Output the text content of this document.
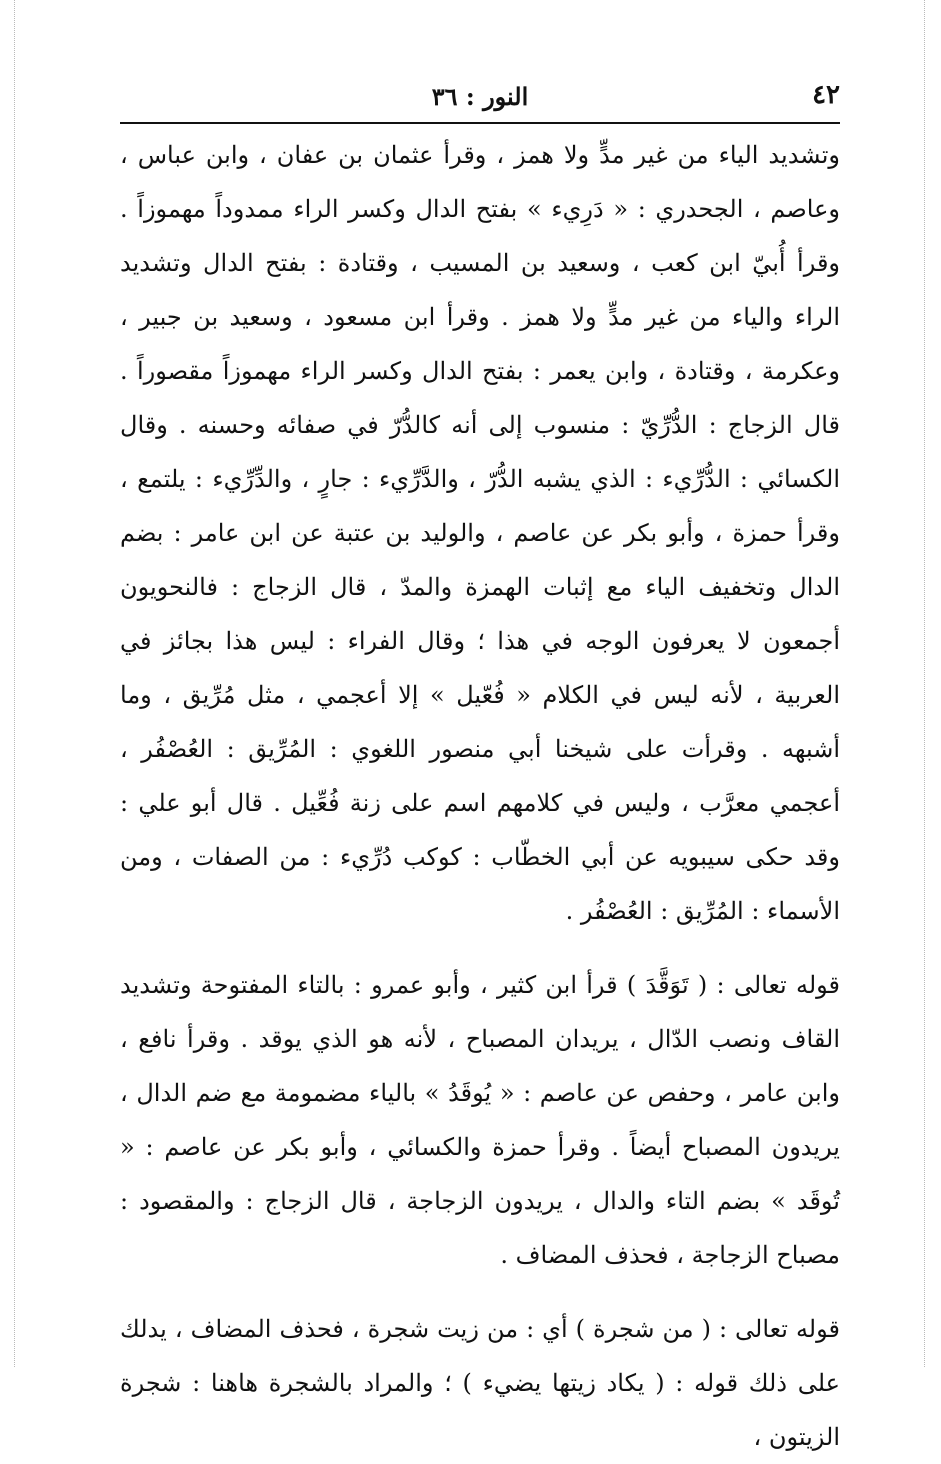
٤٢
النور : ٣٦

وتشديد الياء من غير مدٍّ ولا همز ، وقرأ عثمان بن عفان ، وابن عباس ، وعاصم ، الجحدري : « دَرِيء » بفتح الدال وكسر الراء ممدوداً مهموزاً . وقرأ أُبيّ ابن كعب ، وسعيد بن المسيب ، وقتادة : بفتح الدال وتشديد الراء والياء من غير مدٍّ ولا همز . وقرأ ابن مسعود ، وسعيد بن جبير ، وعكرمة ، وقتادة ، وابن يعمر : بفتح الدال وكسر الراء مهموزاً مقصوراً . قال الزجاج : الدُّرِّيّ : منسوب إلى أنه كالدُّرّ في صفائه وحسنه . وقال الكسائي : الدُّرِّيء : الذي يشبه الدُّرّ ، والدَّرِّيء : جارٍ ، والدِّرِّيء : يلتمع ، وقرأ حمزة ، وأبو بكر عن عاصم ، والوليد بن عتبة عن ابن عامر : بضم الدال وتخفيف الياء مع إثبات الهمزة والمدّ ، قال الزجاج : فالنحويون أجمعون لا يعرفون الوجه في هذا ؛ وقال الفراء : ليس هذا بجائز في العربية ، لأنه ليس في الكلام « فُعّيل » إلا أعجمي ، مثل مُرِّيق ، وما أشبهه . وقرأت على شيخنا أبي منصور اللغوي : المُرِّيق : العُصْفُر ، أعجمي معرَّب ، وليس في كلامهم اسم على زنة فُعِّيل . قال أبو علي : وقد حكى سيبويه عن أبي الخطّاب : كوكب دُرِّيء : من الصفات ، ومن الأسماء : المُرِّيق : العُصْفُر .

قوله تعالى : ( تَوَقَّدَ ) قرأ ابن كثير ، وأبو عمرو : بالتاء المفتوحة وتشديد القاف ونصب الدّال ، يريدان المصباح ، لأنه هو الذي يوقد . وقرأ نافع ، وابن عامر ، وحفص عن عاصم : « يُوقَدُ » بالياء مضمومة مع ضم الدال ، يريدون المصباح أيضاً . وقرأ حمزة والكسائي ، وأبو بكر عن عاصم : « تُوقَد » بضم التاء والدال ، يريدون الزجاجة ، قال الزجاج : والمقصود : مصباح الزجاجة ، فحذف المضاف .

قوله تعالى : ( من شجرة ) أي : من زيت شجرة ، فحذف المضاف ، يدلك على ذلك قوله : ( يكاد زيتها يضيء ) ؛ والمراد بالشجرة هاهنا : شجرة الزيتون ،
